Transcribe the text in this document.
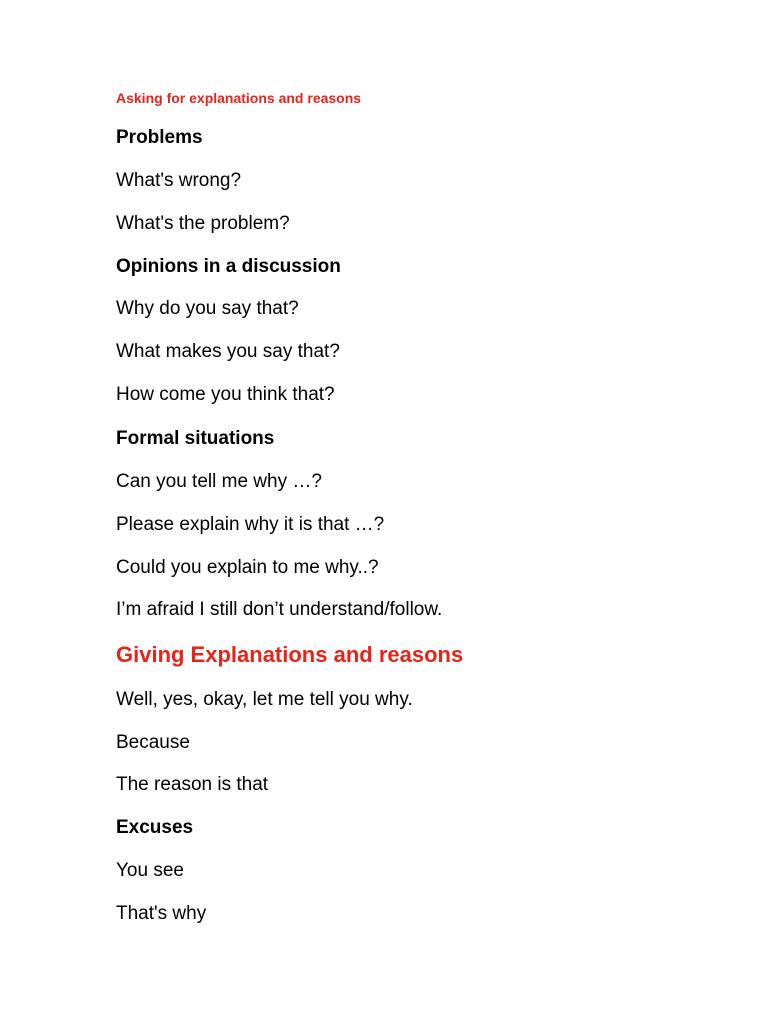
Asking for explanations and reasons
Problems
What's wrong?
What's the problem?
Opinions in a discussion
Why do you say that?
What makes you say that?
How come you think that?
Formal situations
Can you tell me why …?
Please explain why it is that …?
Could you explain to me why..?
I’m afraid I still don’t understand/follow.
Giving Explanations and reasons
Well, yes, okay, let me tell you why.
Because
The reason is that
Excuses
You see
That's why
